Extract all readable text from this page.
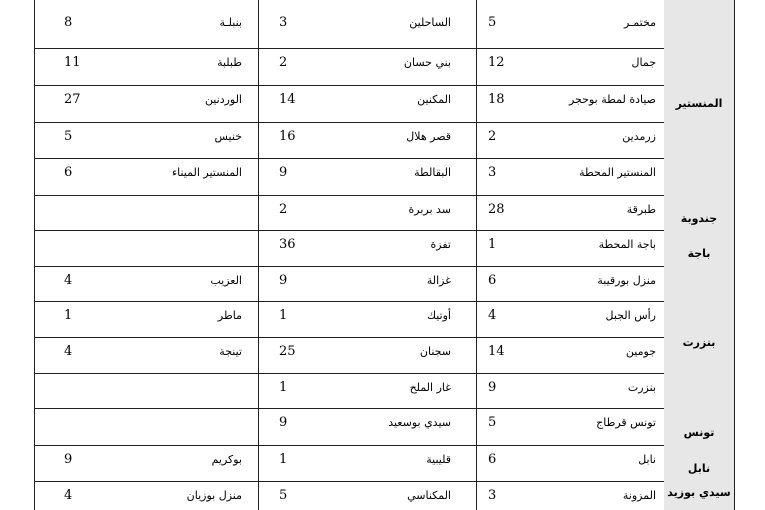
المنستير
جندوبة
باجة
بنزرت
تونس
نابل
سيدي بوزيد
مختمـر
5
الساحلين
3
بنبلـة
8
جمال
12
بني حسان
2
طبلبة
11
صيادة لمطة بوحجر
18
المكنين
14
الوردنين
27
زرمدين
2
قصر هلال
16
خنيس
5
المنستير المحطة
3
البقالطة
9
المنستير الميناء
6
طبرقة
28
سد بربرة
2
باجة المحطة
1
تفزة
36
منزل بورقيبة
6
غزالة
9
العزيب
4
رأس الجبل
4
أوتيك
1
ماطر
1
جومين
14
سجنان
25
تينجة
4
بنزرت
9
غار الملح
1
تونس قرطاج
5
سيدي بوسعيد
9
نابل
6
قليبية
1
بوكريم
9
المزونة
3
المكناسي
5
منزل بوزيان
4
